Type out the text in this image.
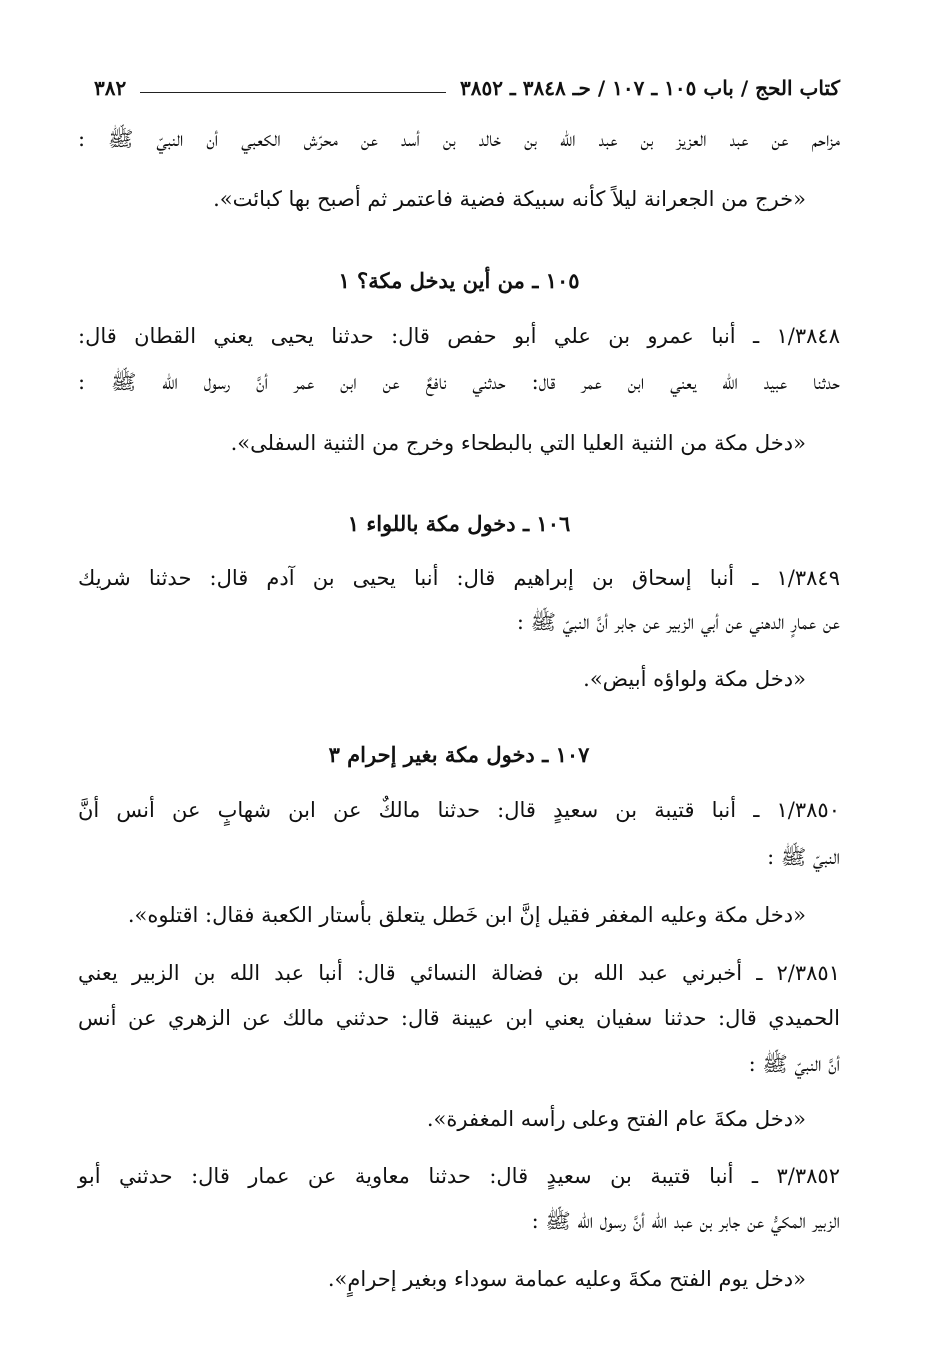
٣٨٢	كتاب الحج / باب ١٠٥ ـ ١٠٧ / حـ ٣٨٤٨ ـ ٣٨٥٢
مزاحم عن عبد العزيز بن عبد الله بن خالد بن أسد عن محرّش الكعبي أن النبيّ ﷺ :
«خرج من الجعرانة ليلاً كأنه سبيكة فضية فاعتمر ثم أصبح بها كبائت».
١٠٥ ـ من أين يدخل مكة؟ ١
١/٣٨٤٨ ـ أنبا عمرو بن علي أبو حفص قال: حدثنا يحيى يعني القطان قال:
حدثنا عبيد الله يعني ابن عمر قال: حدثني نافعٌ عن ابن عمر أنَّ رسول الله ﷺ :
«دخل مكة من الثنية العليا التي بالبطحاء وخرج من الثنية السفلى».
١٠٦ ـ دخول مكة باللواء ١
١/٣٨٤٩ ـ أنبا إسحاق بن إبراهيم قال: أنبا يحيى بن آدم قال: حدثنا شريك
عن عمارٍ الدهني عن أبي الزبير عن جابر أنَّ النبيّ ﷺ :
«دخل مكة ولواؤه أبيض».
١٠٧ ـ دخول مكة بغير إحرام ٣
١/٣٨٥٠ ـ أنبا قتيبة بن سعيدٍ قال: حدثنا مالكٌ عن ابن شهابٍ عن أنس أنَّ
النبيّ ﷺ :
«دخل مكة وعليه المغفر فقيل إنَّ ابن خَطل يتعلق بأستار الكعبة فقال: اقتلوه».
٢/٣٨٥١ ـ أخبرني عبد الله بن فضالة النسائي قال: أنبا عبد الله بن الزبير يعني
الحميدي قال: حدثنا سفيان يعني ابن عيينة قال: حدثني مالك عن الزهري عن أنس
أنَّ النبيّ ﷺ :
«دخل مكةَ عام الفتح وعلى رأسه المغفرة».
٣/٣٨٥٢ ـ أنبا قتيبة بن سعيدٍ قال: حدثنا معاوية عن عمار قال: حدثني أبو
الزبير المكيُّ عن جابر بن عبد الله أنَّ رسول الله ﷺ :
«دخل يوم الفتح مكةَ وعليه عمامة سوداء وبغير إحرامٍ».
